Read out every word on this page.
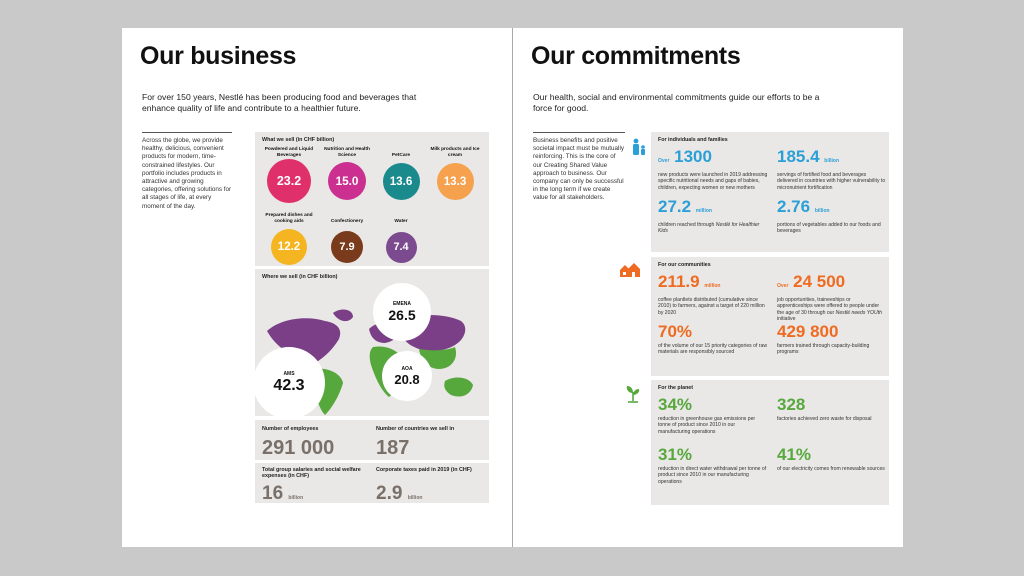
Our business
For over 150 years, Nestlé has been producing food and beverages that enhance quality of life and contribute to a healthier future.
Across the globe, we provide healthy, delicious, convenient products for modern, time-constrained lifestyles. Our portfolio includes products in attractive and growing categories, offering solutions for all stages of life, at every moment of the day.
What we sell (in CHF billion)
Powdered and Liquid Beverages
23.2
Nutrition and Health Science
15.0
PetCare
13.6
Milk products and Ice cream
13.3
Prepared dishes and cooking aids
12.2
Confectionery
7.9
Water
7.4
Where we sell (in CHF billion)
EMENA
26.5
AMS
42.3
AOA
20.8
Number of employees
291 000
Number of countries we sell in
187
Total group salaries and social welfare expenses (in CHF)
16 billion
Corporate taxes paid in 2019 (in CHF)
2.9 billion
Our commitments
Our health, social and environmental commitments guide our efforts to be a force for good.
Business benefits and positive societal impact must be mutually reinforcing. This is the core of our Creating Shared Value approach to business. Our company can only be successful in the long term if we create value for all stakeholders.
For individuals and families
Over 1300
new products were launched in 2019 addressing specific nutritional needs and gaps of babies, children, expecting women or new mothers
185.4 billion
servings of fortified food and beverages delivered in countries with higher vulnerability to micronutrient fortification
27.2 million
children reached through Nestlé for Healthier Kids
2.76 billion
portions of vegetables added to our foods and beverages
For our communities
211.9 million
coffee plantlets distributed (cumulative since 2010) to farmers, against a target of 220 million by 2020
Over 24 500
job opportunities, traineeships or apprenticeships were offered to people under the age of 30 through our Nestlé needs YOUth initiative
70%
of the volume of our 15 priority categories of raw materials are responsibly sourced
429 800
farmers trained through capacity-building programs
For the planet
34%
reduction in greenhouse gas emissions per tonne of product since 2010 in our manufacturing operations
328
factories achieved zero waste for disposal
31%
reduction in direct water withdrawal per tonne of product since 2010 in our manufacturing operations
41%
of our electricity comes from renewable sources
